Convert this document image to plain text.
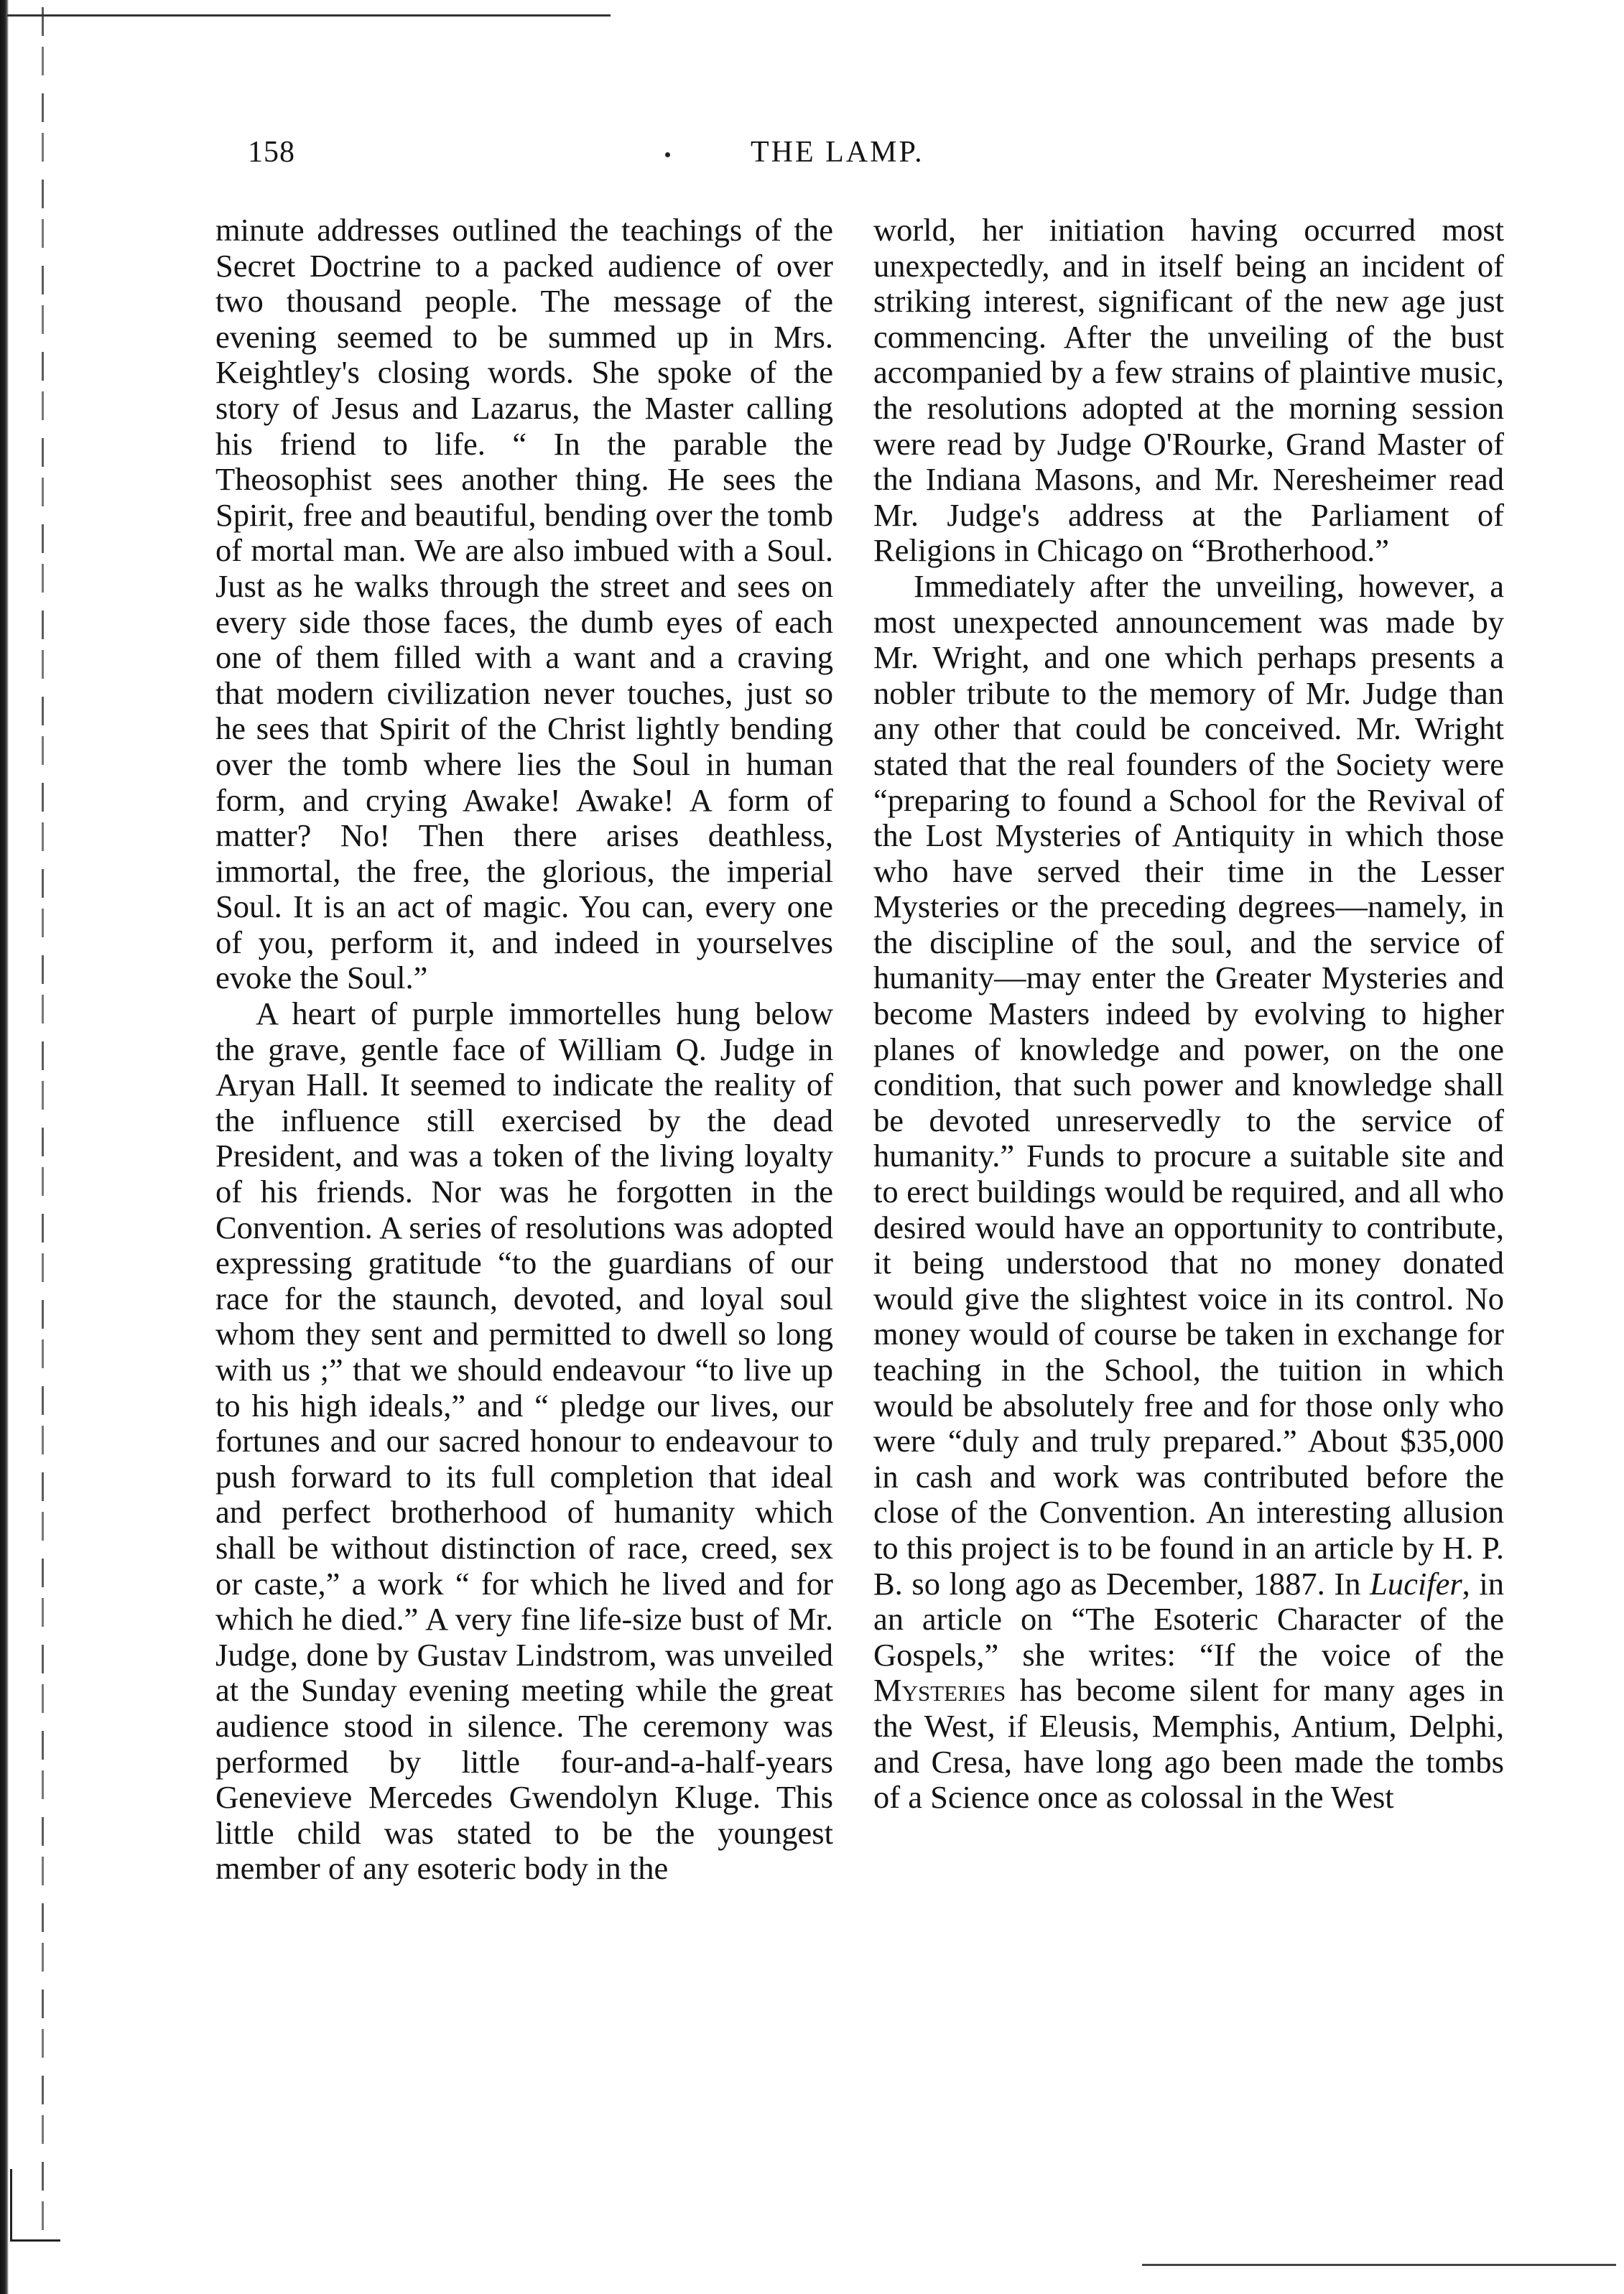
158	THE LAMP.

minute addresses outlined the teachings of the Secret Doctrine to a packed audience of over two thousand people. The message of the evening seemed to be summed up in Mrs. Keightley's closing words. She spoke of the story of Jesus and Lazarus, the Master calling his friend to life. “ In the parable the Theosophist sees another thing. He sees the Spirit, free and beautiful, bending over the tomb of mortal man. We are also imbued with a Soul. Just as he walks through the street and sees on every side those faces, the dumb eyes of each one of them filled with a want and a craving that modern civilization never touches, just so he sees that Spirit of the Christ lightly bending over the tomb where lies the Soul in human form, and crying Awake! Awake! A form of matter? No! Then there arises deathless, immortal, the free, the glorious, the imperial Soul. It is an act of magic. You can, every one of you, perform it, and indeed in yourselves evoke the Soul.”

A heart of purple immortelles hung below the grave, gentle face of William Q. Judge in Aryan Hall. It seemed to indicate the reality of the influence still exercised by the dead President, and was a token of the living loyalty of his friends. Nor was he forgotten in the Convention. A series of resolutions was adopted expressing gratitude “to the guardians of our race for the staunch, devoted, and loyal soul whom they sent and permitted to dwell so long with us ;” that we should endeavour “to live up to his high ideals,” and “ pledge our lives, our fortunes and our sacred honour to endeavour to push forward to its full completion that ideal and perfect brotherhood of humanity which shall be without distinction of race, creed, sex or caste,” a work “ for which he lived and for which he died.” A very fine life-size bust of Mr. Judge, done by Gustav Lindstrom, was unveiled at the Sunday evening meeting while the great audience stood in silence. The ceremony was performed by little four-and-a-half-years Genevieve Mercedes Gwendolyn Kluge. This little child was stated to be the youngest member of any esoteric body in the

world, her initiation having occurred most unexpectedly, and in itself being an incident of striking interest, significant of the new age just commencing. After the unveiling of the bust accompanied by a few strains of plaintive music, the resolutions adopted at the morning session were read by Judge O'Rourke, Grand Master of the Indiana Masons, and Mr. Neresheimer read Mr. Judge's address at the Parliament of Religions in Chicago on “Brotherhood.”

Immediately after the unveiling, however, a most unexpected announcement was made by Mr. Wright, and one which perhaps presents a nobler tribute to the memory of Mr. Judge than any other that could be conceived. Mr. Wright stated that the real founders of the Society were “preparing to found a School for the Revival of the Lost Mysteries of Antiquity in which those who have served their time in the Lesser Mysteries or the preceding degrees—namely, in the discipline of the soul, and the service of humanity—may enter the Greater Mysteries and become Masters indeed by evolving to higher planes of knowledge and power, on the one condition, that such power and knowledge shall be devoted unreservedly to the service of humanity.” Funds to procure a suitable site and to erect buildings would be required, and all who desired would have an opportunity to contribute, it being understood that no money donated would give the slightest voice in its control. No money would of course be taken in exchange for teaching in the School, the tuition in which would be absolutely free and for those only who were “duly and truly prepared.” About $35,000 in cash and work was contributed before the close of the Convention. An interesting allusion to this project is to be found in an article by H. P. B. so long ago as December, 1887. In Lucifer, in an article on “The Esoteric Character of the Gospels,” she writes: “If the voice of the Mysteries has become silent for many ages in the West, if Eleusis, Memphis, Antium, Delphi, and Cresa, have long ago been made the tombs of a Science once as colossal in the West
